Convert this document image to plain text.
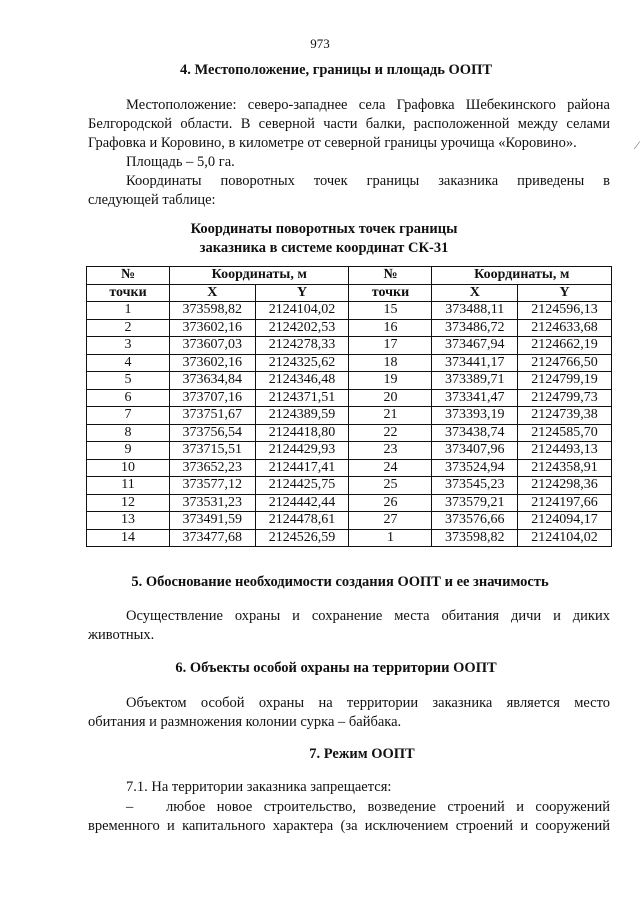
973
4. Местоположение, границы и площадь ООПТ
Местоположение: северо-западнее села Графовка Шебекинского района
Белгородской области. В северной части балки, расположенной между селами
Графовка и Коровино, в километре от северной границы урочища «Коровино».
Площадь – 5,0 га.
Координаты поворотных точек границы заказника приведены в
следующей таблице:
Координаты поворотных точек границы
заказника в системе координат СК-31
№	Координаты, м		№	Координаты, м	
точки	X	Y	точки	X	Y
1	373598,82	2124104,02	15	373488,11	2124596,13
2	373602,16	2124202,53	16	373486,72	2124633,68
3	373607,03	2124278,33	17	373467,94	2124662,19
4	373602,16	2124325,62	18	373441,17	2124766,50
5	373634,84	2124346,48	19	373389,71	2124799,19
6	373707,16	2124371,51	20	373341,47	2124799,73
7	373751,67	2124389,59	21	373393,19	2124739,38
8	373756,54	2124418,80	22	373438,74	2124585,70
9	373715,51	2124429,93	23	373407,96	2124493,13
10	373652,23	2124417,41	24	373524,94	2124358,91
11	373577,12	2124425,75	25	373545,23	2124298,36
12	373531,23	2124442,44	26	373579,21	2124197,66
13	373491,59	2124478,61	27	373576,66	2124094,17
14	373477,68	2124526,59	1	373598,82	2124104,02
5. Обоснование необходимости создания ООПТ и ее значимость
Осуществление охраны и сохранение места обитания дичи и диких
животных.
6. Объекты особой охраны на территории ООПТ
Объектом особой охраны на территории заказника является место
обитания и размножения колонии сурка – байбака.
7. Режим ООПТ
7.1. На территории заказника запрещается:
– любое новое строительство, возведение строений и сооружений
временного и капитального характера (за исключением строений и сооружений
⁄
